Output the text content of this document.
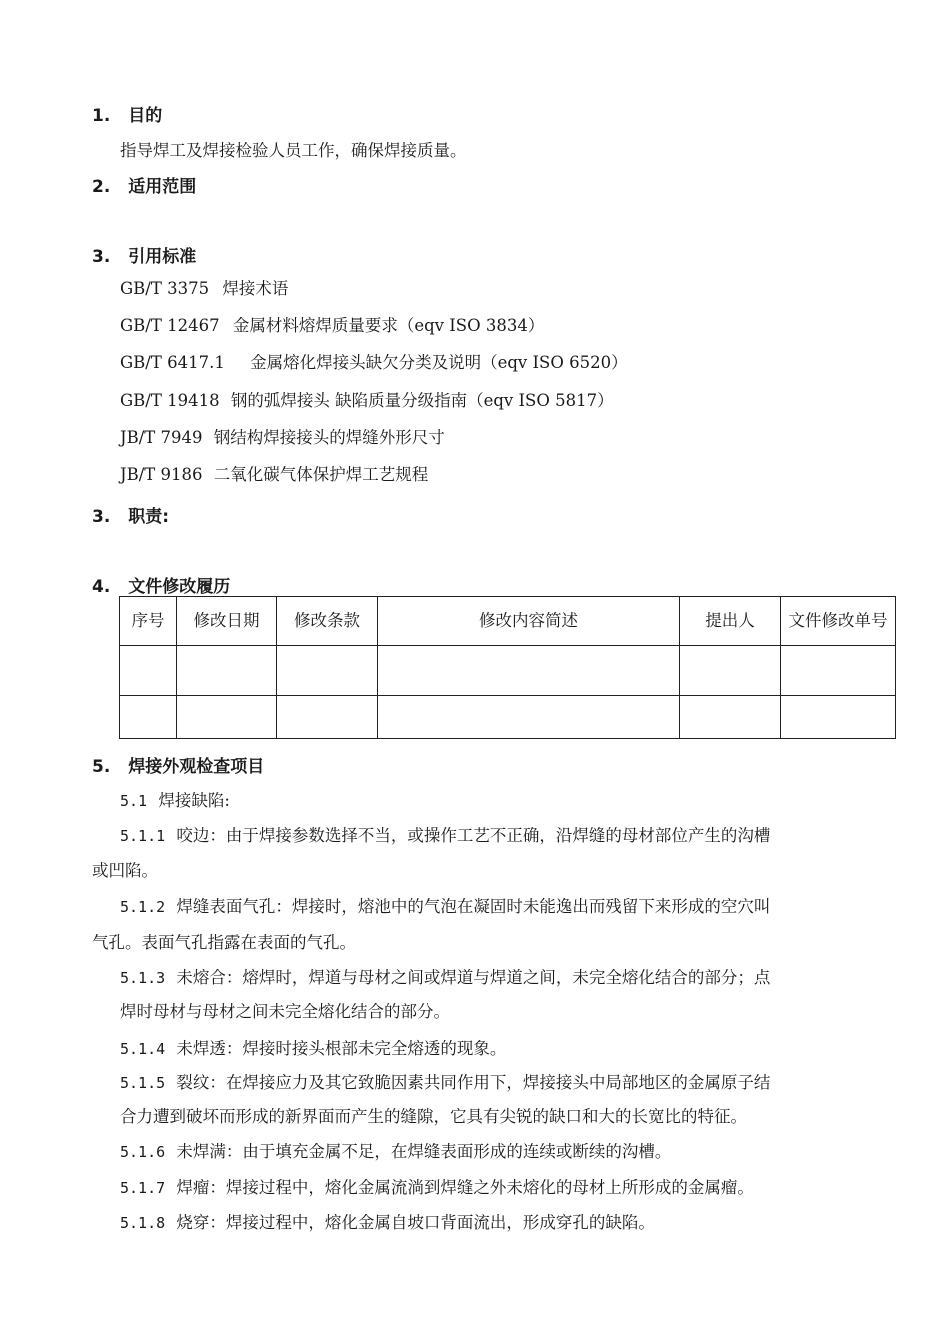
1. 目的
指导焊工及焊接检验人员工作，确保焊接质量。
2. 适用范围
3. 引用标准
GB/T 3375 焊接术语
GB/T 12467 金属材料熔焊质量要求（eqv ISO 3834）
GB/T 6417.1 金属熔化焊接头缺欠分类及说明（eqv ISO 6520）
GB/T 19418 钢的弧焊接头 缺陷质量分级指南（eqv ISO 5817）
JB/T 7949 钢结构焊接接头的焊缝外形尺寸
JB/T 9186 二氧化碳气体保护焊工艺规程
3. 职责:
4. 文件修改履历
序号	修改日期	修改条款	修改内容简述	提出人	文件修改单号

5. 焊接外观检查项目
5.1 焊接缺陷:
5.1.1 咬边：由于焊接参数选择不当，或操作工艺不正确，沿焊缝的母材部位产生的沟槽
或凹陷。
5.1.2 焊缝表面气孔：焊接时，熔池中的气泡在凝固时未能逸出而残留下来形成的空穴叫
气孔。表面气孔指露在表面的气孔。
5.1.3 未熔合：熔焊时，焊道与母材之间或焊道与焊道之间，未完全熔化结合的部分；点
焊时母材与母材之间未完全熔化结合的部分。
5.1.4 未焊透：焊接时接头根部未完全熔透的现象。
5.1.5 裂纹：在焊接应力及其它致脆因素共同作用下，焊接接头中局部地区的金属原子结
合力遭到破坏而形成的新界面而产生的缝隙，它具有尖锐的缺口和大的长宽比的特征。
5.1.6 未焊满：由于填充金属不足，在焊缝表面形成的连续或断续的沟槽。
5.1.7 焊瘤：焊接过程中，熔化金属流淌到焊缝之外未熔化的母材上所形成的金属瘤。
5.1.8 烧穿：焊接过程中，熔化金属自坡口背面流出，形成穿孔的缺陷。
